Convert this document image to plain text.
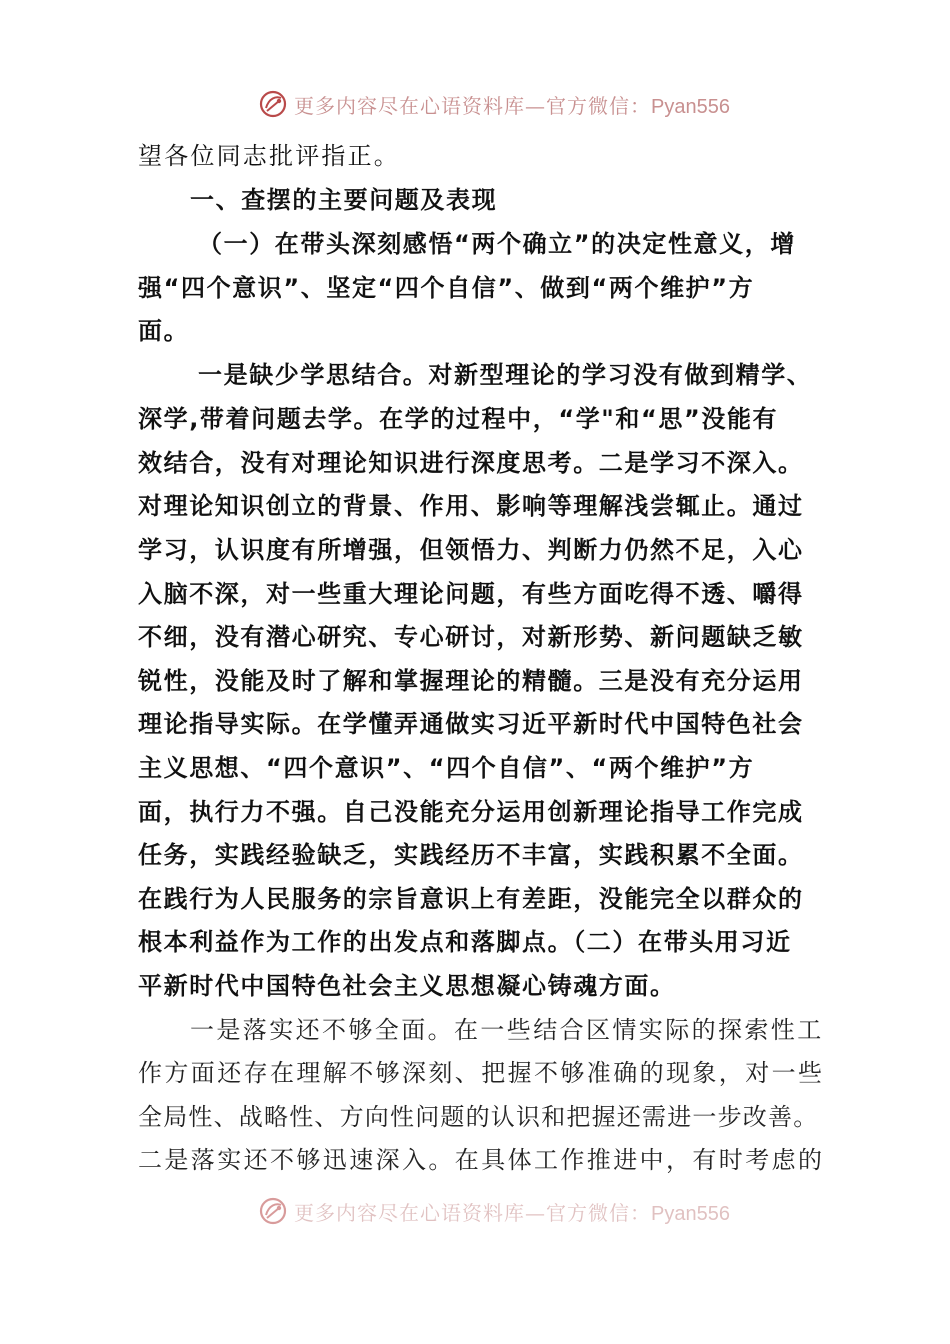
更多内容尽在心语资料库—官方微信：Pyan556
望各位同志批评指正。
一、查摆的主要问题及表现
（一）在带头深刻感悟“两个确立”的决定性意义，增
强“四个意识”、坚定“四个自信”、做到“两个维护”方
面。
一是缺少学思结合。对新型理论的学习没有做到精学、
深学,带着问题去学。在学的过程中，“学"和“思”没能有
效结合，没有对理论知识进行深度思考。二是学习不深入。
对理论知识创立的背景、作用、影响等理解浅尝辄止。通过
学习，认识度有所增强，但领悟力、判断力仍然不足，入心
入脑不深，对一些重大理论问题，有些方面吃得不透、嚼得
不细，没有潜心研究、专心研讨，对新形势、新问题缺乏敏
锐性，没能及时了解和掌握理论的精髓。三是没有充分运用
理论指导实际。在学懂弄通做实习近平新时代中国特色社会
主义思想、“四个意识”、“四个自信”、“两个维护”方
面，执行力不强。自己没能充分运用创新理论指导工作完成
任务，实践经验缺乏，实践经历不丰富，实践积累不全面。
在践行为人民服务的宗旨意识上有差距，没能完全以群众的
根本利益作为工作的出发点和落脚点。（二）在带头用习近
平新时代中国特色社会主义思想凝心铸魂方面。
一是落实还不够全面。在一些结合区情实际的探索性工
作方面还存在理解不够深刻、把握不够准确的现象，对一些
全局性、战略性、方向性问题的认识和把握还需进一步改善。
二是落实还不够迅速深入。在具体工作推进中，有时考虑的
更多内容尽在心语资料库—官方微信：Pyan556
